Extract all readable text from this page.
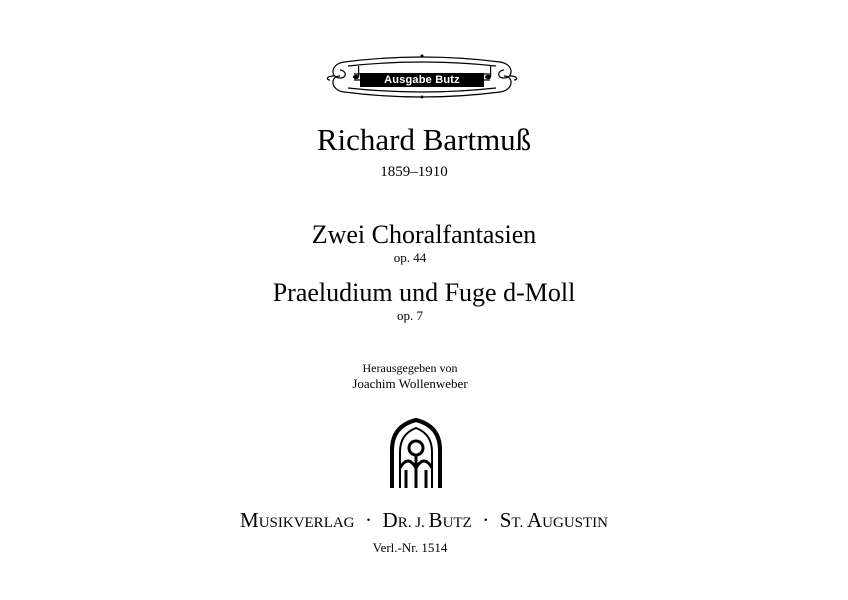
Ausgabe Butz
Richard Bartmuß
1859–1910
Zwei Choralfantasien
op. 44
Praeludium und Fuge d-Moll
op. 7
Herausgegeben von
Joachim Wollenweber
MUSIKVERLAG · DR. J. BUTZ · ST. AUGUSTIN
Verl.-Nr. 1514
